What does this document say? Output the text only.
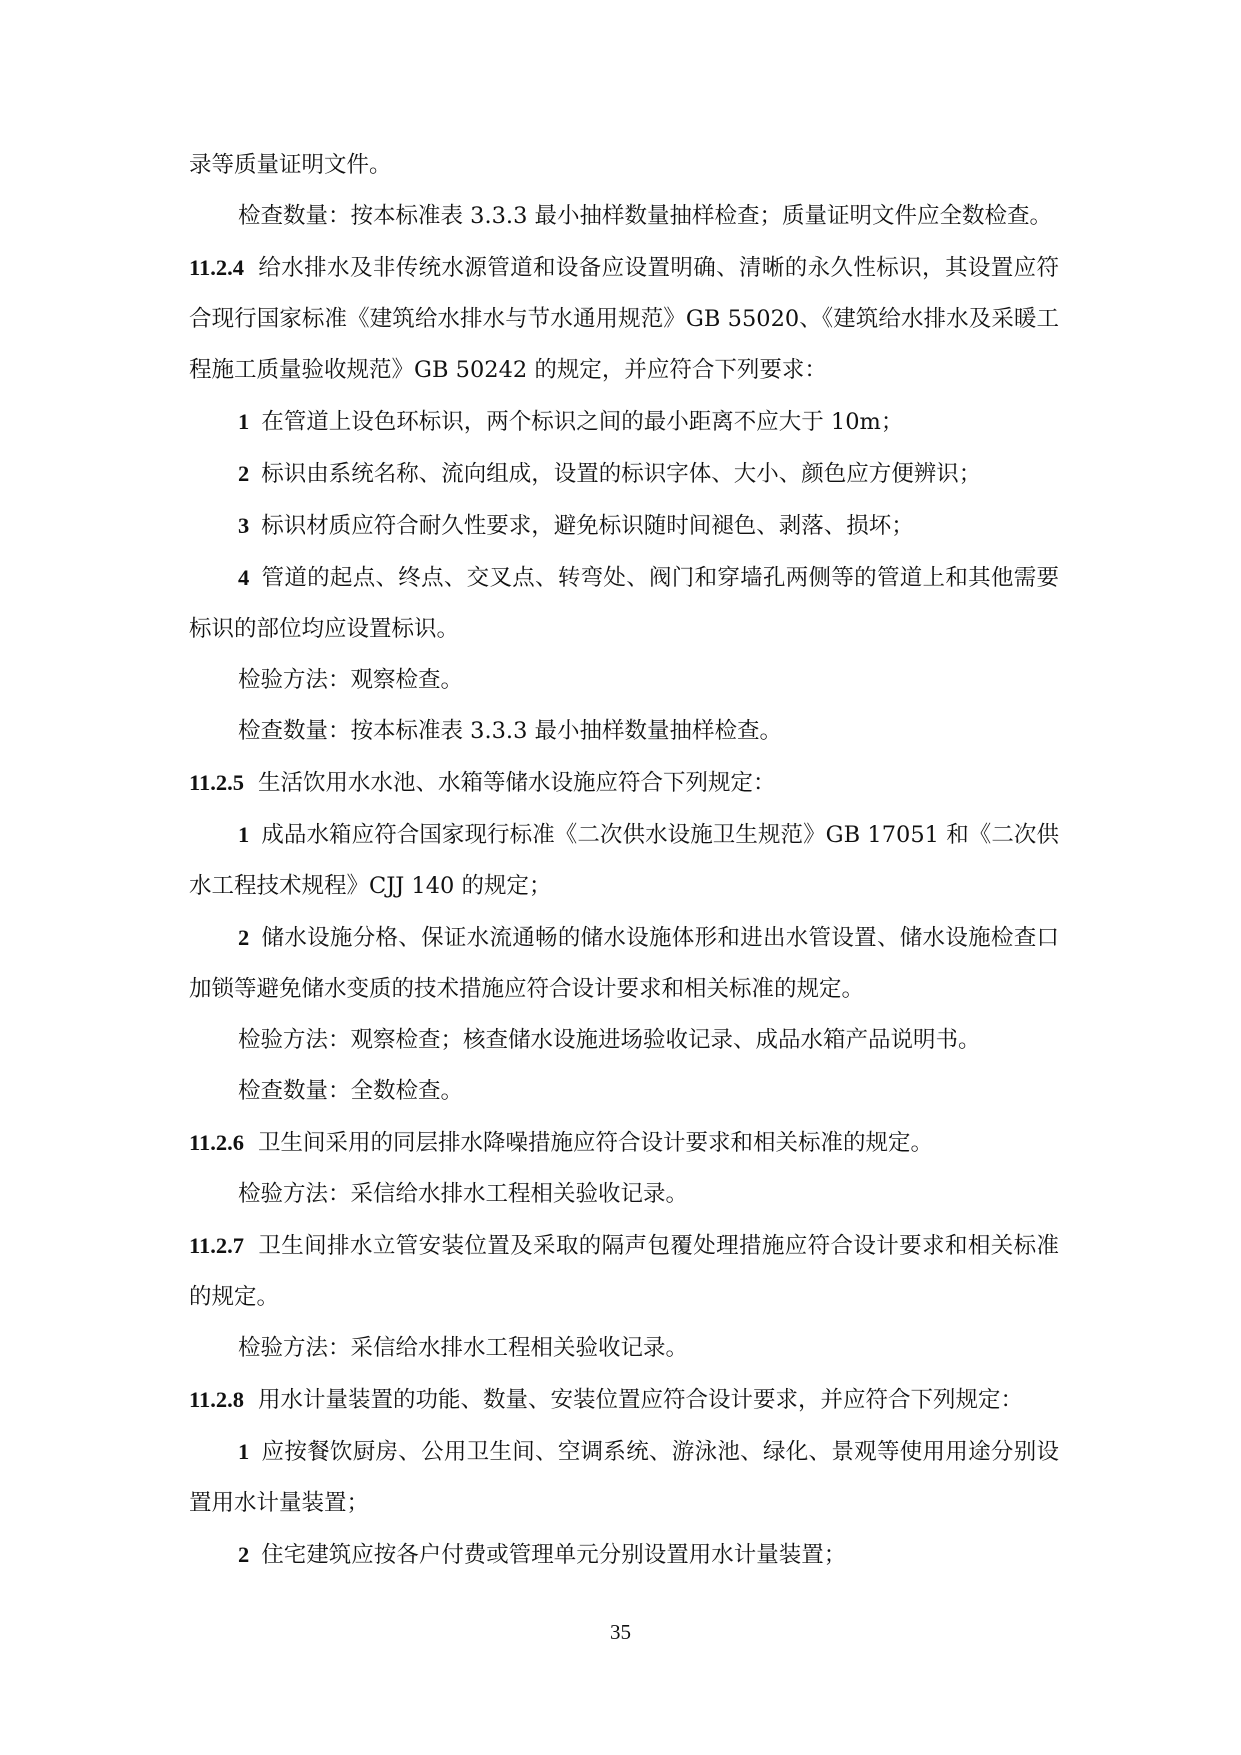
录等质量证明文件。
检查数量：按本标准表 3.3.3 最小抽样数量抽样检查；质量证明文件应全数检查。
11.2.4 给水排水及非传统水源管道和设备应设置明确、清晰的永久性标识，其设置应符合现行国家标准《建筑给水排水与节水通用规范》GB 55020、《建筑给水排水及采暖工程施工质量验收规范》GB 50242 的规定，并应符合下列要求：
1 在管道上设色环标识，两个标识之间的最小距离不应大于 10m；
2 标识由系统名称、流向组成，设置的标识字体、大小、颜色应方便辨识；
3 标识材质应符合耐久性要求，避免标识随时间褪色、剥落、损坏；
4 管道的起点、终点、交叉点、转弯处、阀门和穿墙孔两侧等的管道上和其他需要标识的部位均应设置标识。
检验方法：观察检查。
检查数量：按本标准表 3.3.3 最小抽样数量抽样检查。
11.2.5 生活饮用水水池、水箱等储水设施应符合下列规定：
1 成品水箱应符合国家现行标准《二次供水设施卫生规范》GB 17051 和《二次供水工程技术规程》CJJ 140 的规定；
2 储水设施分格、保证水流通畅的储水设施体形和进出水管设置、储水设施检查口加锁等避免储水变质的技术措施应符合设计要求和相关标准的规定。
检验方法：观察检查；核查储水设施进场验收记录、成品水箱产品说明书。
检查数量：全数检查。
11.2.6 卫生间采用的同层排水降噪措施应符合设计要求和相关标准的规定。
检验方法：采信给水排水工程相关验收记录。
11.2.7 卫生间排水立管安装位置及采取的隔声包覆处理措施应符合设计要求和相关标准的规定。
检验方法：采信给水排水工程相关验收记录。
11.2.8 用水计量装置的功能、数量、安装位置应符合设计要求，并应符合下列规定：
1 应按餐饮厨房、公用卫生间、空调系统、游泳池、绿化、景观等使用用途分别设置用水计量装置；
2 住宅建筑应按各户付费或管理单元分别设置用水计量装置；
35
